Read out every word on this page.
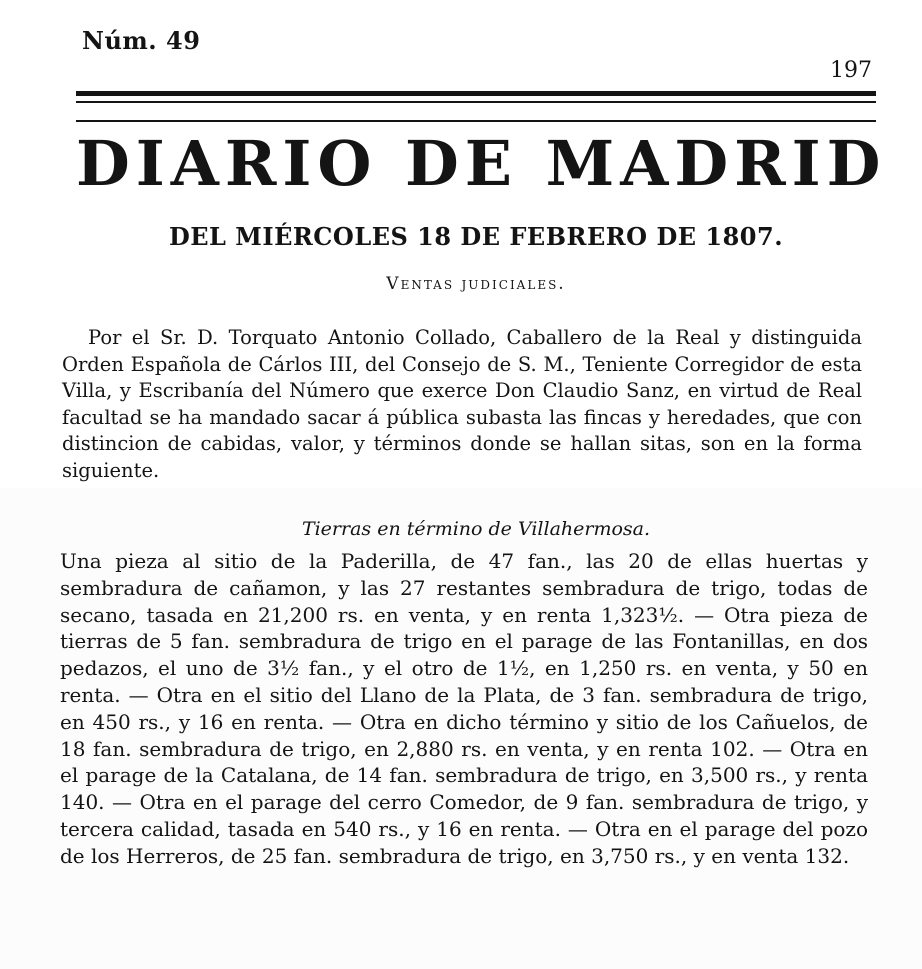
Núm. 49
197
DIARIO DE MADRID
DEL MIÉRCOLES 18 DE FEBRERO DE 1807.
Ventas judiciales.

Por el Sr. D. Torquato Antonio Collado, Caballero de la Real y distinguida Orden Española de Cárlos III, del Consejo de S. M., Teniente Corregidor de esta Villa, y Escribanía del Número que exerce Don Claudio Sanz, en virtud de Real facultad se ha mandado sacar á pública subasta las fincas y heredades, que con distincion de cabidas, valor, y términos donde se hallan sitas, son en la forma siguiente.

Tierras en término de Villahermosa.

Una pieza al sitio de la Paderilla, de 47 fan., las 20 de ellas huertas y sembradura de cañamon, y las 27 restantes sembradura de trigo, todas de secano, tasada en 21,200 rs. en venta, y en renta 1,323½. — Otra pieza de tierras de 5 fan. sembradura de trigo en el parage de las Fontanillas, en dos pedazos, el uno de 3½ fan., y el otro de 1½, en 1,250 rs. en venta, y 50 en renta. — Otra en el sitio del Llano de la Plata, de 3 fan. sembradura de trigo, en 450 rs., y 16 en renta. — Otra en dicho término y sitio de los Cañuelos, de 18 fan. sembradura de trigo, en 2,880 rs. en venta, y en renta 102. — Otra en el parage de la Catalana, de 14 fan. sembradura de trigo, en 3,500 rs., y renta 140. — Otra en el parage del cerro Comedor, de 9 fan. sembradura de trigo, y tercera calidad, tasada en 540 rs., y 16 en renta. — Otra en el parage del pozo de los Herreros, de 25 fan. sembradura de trigo, en 3,750 rs., y en venta 132.
